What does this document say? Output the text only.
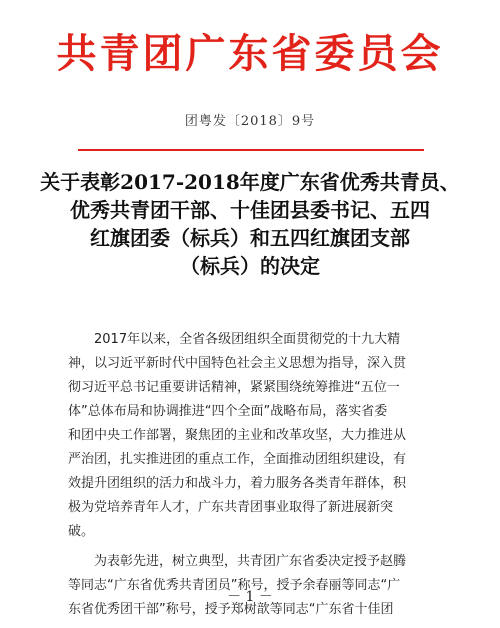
共青团广东省委员会
团粤发〔2018〕9号
关于表彰2017-2018年度广东省优秀共青员、
优秀共青团干部、十佳团县委书记、五四
红旗团委（标兵）和五四红旗团支部
（标兵）的决定

2017年以来，全省各级团组织全面贯彻党的十九大精
神，以习近平新时代中国特色社会主义思想为指导，深入贯
彻习近平总书记重要讲话精神，紧紧围绕统筹推进“五位一
体”总体布局和协调推进“四个全面”战略布局，落实省委
和团中央工作部署，聚焦团的主业和改革攻坚，大力推进从
严治团，扎实推进团的重点工作，全面推动团组织建设，有
效提升团组织的活力和战斗力，着力服务各类青年群体，积
极为党培养青年人才，广东共青团事业取得了新进展新突
破。

为表彰先进，树立典型，共青团广东省委决定授予赵腾
等同志“广东省优秀共青团员”称号，授予余春丽等同志“广
东省优秀团干部”称号，授予郑树歆等同志“广东省十佳团

－ 1 －
